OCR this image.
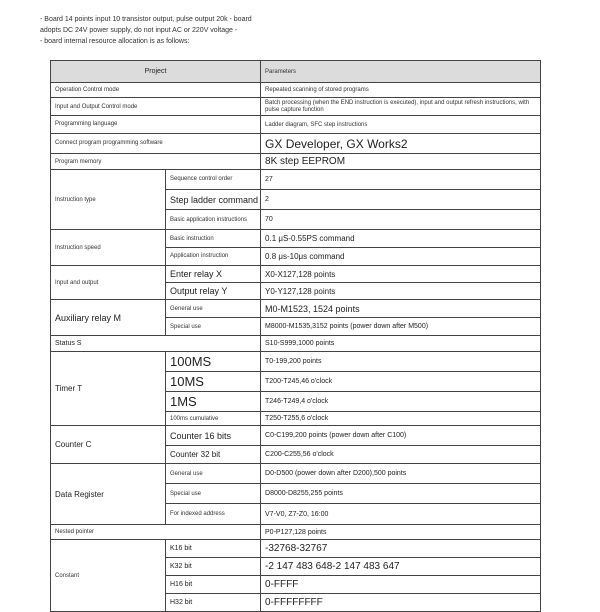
- Board 14 points input 10 transistor output, pulse output 20k - board
adopts DC 24V power supply, do not input AC or 220V voltage -
- board internal resource allocation is as follows:
Project		Parameters
Operation Control mode		Repeated scanning of stored programs
Input and Output Control mode		Batch processing (when the END instruction is executed), input and output refresh instructions, with pulse capture function
Programming language		Ladder diagram, SFC step instructions
Connect program programming software		GX Developer, GX Works2
Program memory		8K step EEPROM
Instruction type	Sequence control order	27
	Step ladder command	2
	Basic application instructions	70
Instruction speed	Basic instruction	0.1 μS-0.55PS command
	Application instruction	0.8 μs-10μs command
Input and output	Enter relay X	X0-X127,128 points
	Output relay Y	Y0-Y127,128 points
Auxiliary relay M	General use	M0-M1523, 1524 points
	Special use	M8000-M1535,3152 points (power down after M500)
Status S		S10-S999,1000 points
Timer T	100MS	T0-199,200 points
	10MS	T200-T245,46 o'clock
	1MS	T246-T249,4 o'clock
	100ms cumulative	T250-T255,6 o'clock
Counter C	Counter 16 bits	C0-C199,200 points (power down after C100)
	Counter 32 bit	C200-C255,56 o'clock
Data Register	General use	D0-D500 (power down after D200),500 points
	Special use	D8000-D8255,255 points
	For indexed address	V7-V0, Z7-Z0, 16:00
Nested pointer		P0-P127,128 points
Constant	K16 bit	-32768-32767
	K32 bit	-2 147 483 648-2 147 483 647
	H16 bit	0-FFFF
	H32 bit	0-FFFFFFFF
